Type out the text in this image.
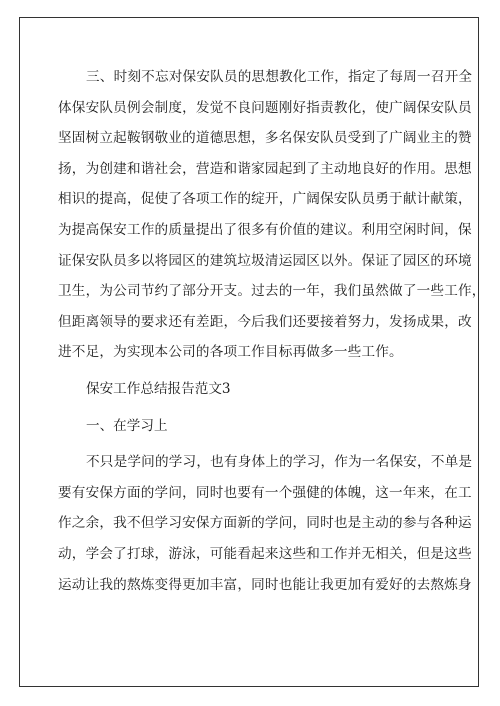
三、时刻不忘对保安队员的思想教化工作，指定了每周一召开全
体保安队员例会制度，发觉不良问题刚好指责教化，使广阔保安队员
坚固树立起鞍钢敬业的道德思想，多名保安队员受到了广阔业主的赞
扬，为创建和谐社会，营造和谐家园起到了主动地良好的作用。思想
相识的提高，促使了各项工作的绽开，广阔保安队员勇于献计献策，
为提高保安工作的质量提出了很多有价值的建议。利用空闲时间，保
证保安队员多以将园区的建筑垃圾清运园区以外。保证了园区的环境
卫生，为公司节约了部分开支。过去的一年，我们虽然做了一些工作，
但距离领导的要求还有差距，今后我们还要接着努力，发扬成果，改
进不足，为实现本公司的各项工作目标再做多一些工作。
保安工作总结报告范文3
一、在学习上
不只是学问的学习，也有身体上的学习，作为一名保安，不单是
要有安保方面的学问，同时也要有一个强健的体魄，这一年来，在工
作之余，我不但学习安保方面新的学问，同时也是主动的参与各种运
动，学会了打球，游泳，可能看起来这些和工作并无相关，但是这些
运动让我的熬炼变得更加丰富，同时也能让我更加有爱好的去熬炼身
